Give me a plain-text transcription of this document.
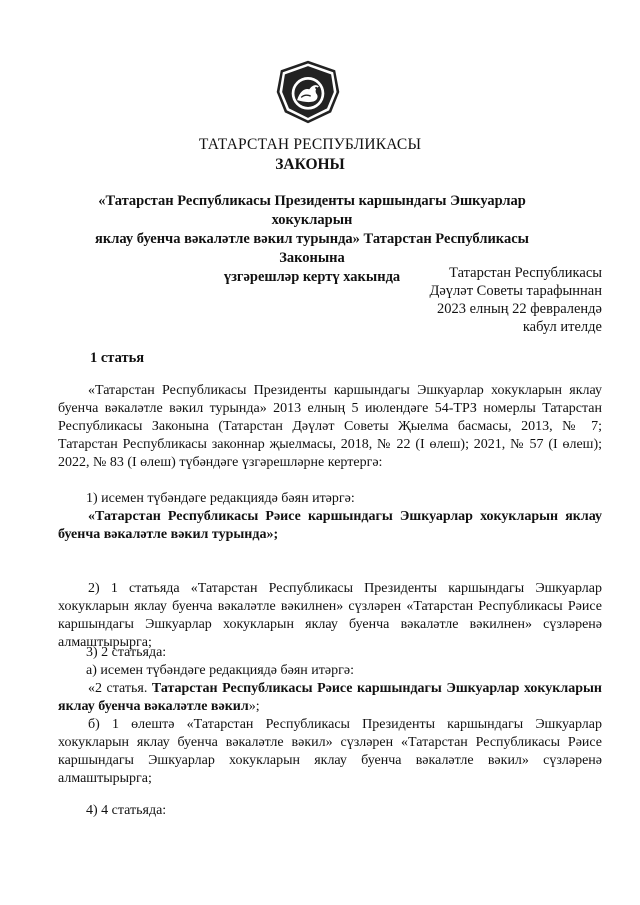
ТАТАРСТАН РЕСПУБЛИКАСЫ
ЗАКОНЫ
«Татарстан Республикасы Президенты каршындагы Эшкуарлар хокукларын
яклау буенча вәкаләтле вәкил турында» Татарстан Республикасы Законына
үзгәрешләр кертү хакында	Татарстан Республикасы
Дәүләт Советы тарафыннан
2023 елның 22 февралендә
кабул ителде
1 статья

«Татарстан Республикасы Президенты каршындагы Эшкуарлар хокукларын яклау буенча вәкаләтле вәкил турында» 2013 елның 5 июлендәге 54-ТРЗ номерлы Татарстан Республикасы Законына (Татарстан Дәүләт Советы Җыелма басмасы, 2013, № 7; Татарстан Республикасы законнар җыелмасы, 2018, № 22 (I өлеш); 2021, № 57 (I өлеш); 2022, № 83 (I өлеш) түбәндәге үзгәрешләрне кертергә:

1) исемен түбәндәге редакциядә бәян итәргә:
«Татарстан Республикасы Рәисе каршындагы Эшкуарлар хокукларын яклау буенча вәкаләтле вәкил турында»;
2) 1 статьяда «Татарстан Республикасы Президенты каршындагы Эшкуарлар хокукларын яклау буенча вәкаләтле вәкилнен» сүзләрен «Татарстан Республикасы Рәисе каршындагы Эшкуарлар хокукларын яклау буенча вәкаләтле вәкилнен» сүзләренә алмаштырырга;
3) 2 статьяда:
а) исемен түбәндәге редакциядә бәян итәргә:
«2 статья. Татарстан Республикасы Рәисе каршындагы Эшкуарлар хокукларын яклау буенча вәкаләтле вәкил»;
б) 1 өлештә «Татарстан Республикасы Президенты каршындагы Эшкуарлар хокукларын яклау буенча вәкаләтле вәкил» сүзләрен «Татарстан Республикасы Рәисе каршындагы Эшкуарлар хокукларын яклау буенча вәкаләтле вәкил» сүзләренә алмаштырырга;
4) 4 статьяда:
